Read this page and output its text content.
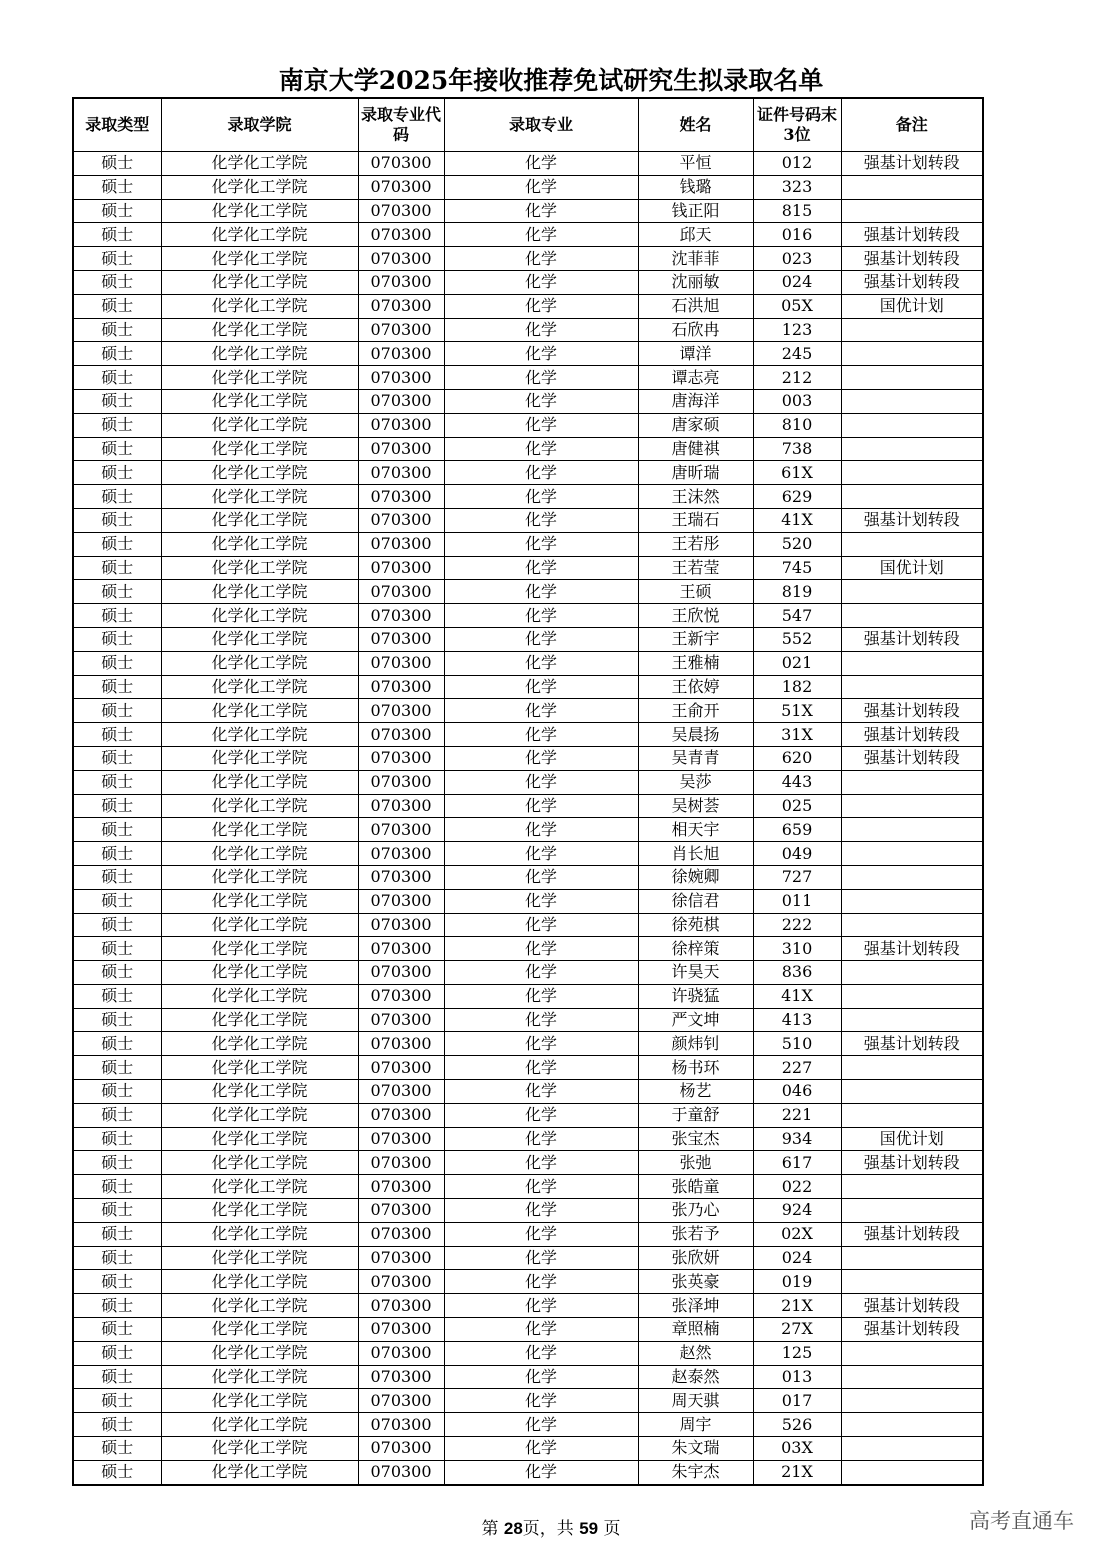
南京大学2025年接收推荐免试研究生拟录取名单
录取类型	录取学院	录取专业代码	录取专业	姓名	证件号码末3位	备注
硕士	化学化工学院	070300	化学	平恒	012	强基计划转段
硕士	化学化工学院	070300	化学	钱璐	323	
硕士	化学化工学院	070300	化学	钱正阳	815	
硕士	化学化工学院	070300	化学	邱天	016	强基计划转段
硕士	化学化工学院	070300	化学	沈菲菲	023	强基计划转段
硕士	化学化工学院	070300	化学	沈丽敏	024	强基计划转段
硕士	化学化工学院	070300	化学	石洪旭	05X	国优计划
硕士	化学化工学院	070300	化学	石欣冉	123	
硕士	化学化工学院	070300	化学	谭洋	245	
硕士	化学化工学院	070300	化学	谭志亮	212	
硕士	化学化工学院	070300	化学	唐海洋	003	
硕士	化学化工学院	070300	化学	唐家硕	810	
硕士	化学化工学院	070300	化学	唐健祺	738	
硕士	化学化工学院	070300	化学	唐昕瑞	61X	
硕士	化学化工学院	070300	化学	王沫然	629	
硕士	化学化工学院	070300	化学	王瑞石	41X	强基计划转段
硕士	化学化工学院	070300	化学	王若彤	520	
硕士	化学化工学院	070300	化学	王若莹	745	国优计划
硕士	化学化工学院	070300	化学	王硕	819	
硕士	化学化工学院	070300	化学	王欣悦	547	
硕士	化学化工学院	070300	化学	王新宇	552	强基计划转段
硕士	化学化工学院	070300	化学	王雅楠	021	
硕士	化学化工学院	070300	化学	王依婷	182	
硕士	化学化工学院	070300	化学	王俞开	51X	强基计划转段
硕士	化学化工学院	070300	化学	吴晨扬	31X	强基计划转段
硕士	化学化工学院	070300	化学	吴青青	620	强基计划转段
硕士	化学化工学院	070300	化学	吴莎	443	
硕士	化学化工学院	070300	化学	吴树荟	025	
硕士	化学化工学院	070300	化学	相天宇	659	
硕士	化学化工学院	070300	化学	肖长旭	049	
硕士	化学化工学院	070300	化学	徐婉卿	727	
硕士	化学化工学院	070300	化学	徐信君	011	
硕士	化学化工学院	070300	化学	徐苑棋	222	
硕士	化学化工学院	070300	化学	徐梓策	310	强基计划转段
硕士	化学化工学院	070300	化学	许昊天	836	
硕士	化学化工学院	070300	化学	许骁猛	41X	
硕士	化学化工学院	070300	化学	严文坤	413	
硕士	化学化工学院	070300	化学	颜炜钊	510	强基计划转段
硕士	化学化工学院	070300	化学	杨书环	227	
硕士	化学化工学院	070300	化学	杨艺	046	
硕士	化学化工学院	070300	化学	于童舒	221	
硕士	化学化工学院	070300	化学	张宝杰	934	国优计划
硕士	化学化工学院	070300	化学	张弛	617	强基计划转段
硕士	化学化工学院	070300	化学	张皓童	022	
硕士	化学化工学院	070300	化学	张乃心	924	
硕士	化学化工学院	070300	化学	张若予	02X	强基计划转段
硕士	化学化工学院	070300	化学	张欣妍	024	
硕士	化学化工学院	070300	化学	张英豪	019	
硕士	化学化工学院	070300	化学	张泽坤	21X	强基计划转段
硕士	化学化工学院	070300	化学	章照楠	27X	强基计划转段
硕士	化学化工学院	070300	化学	赵然	125	
硕士	化学化工学院	070300	化学	赵泰然	013	
硕士	化学化工学院	070300	化学	周天骐	017	
硕士	化学化工学院	070300	化学	周宇	526	
硕士	化学化工学院	070300	化学	朱文瑞	03X	
硕士	化学化工学院	070300	化学	朱宇杰	21X	
第 28页，共 59 页	高考直通车
